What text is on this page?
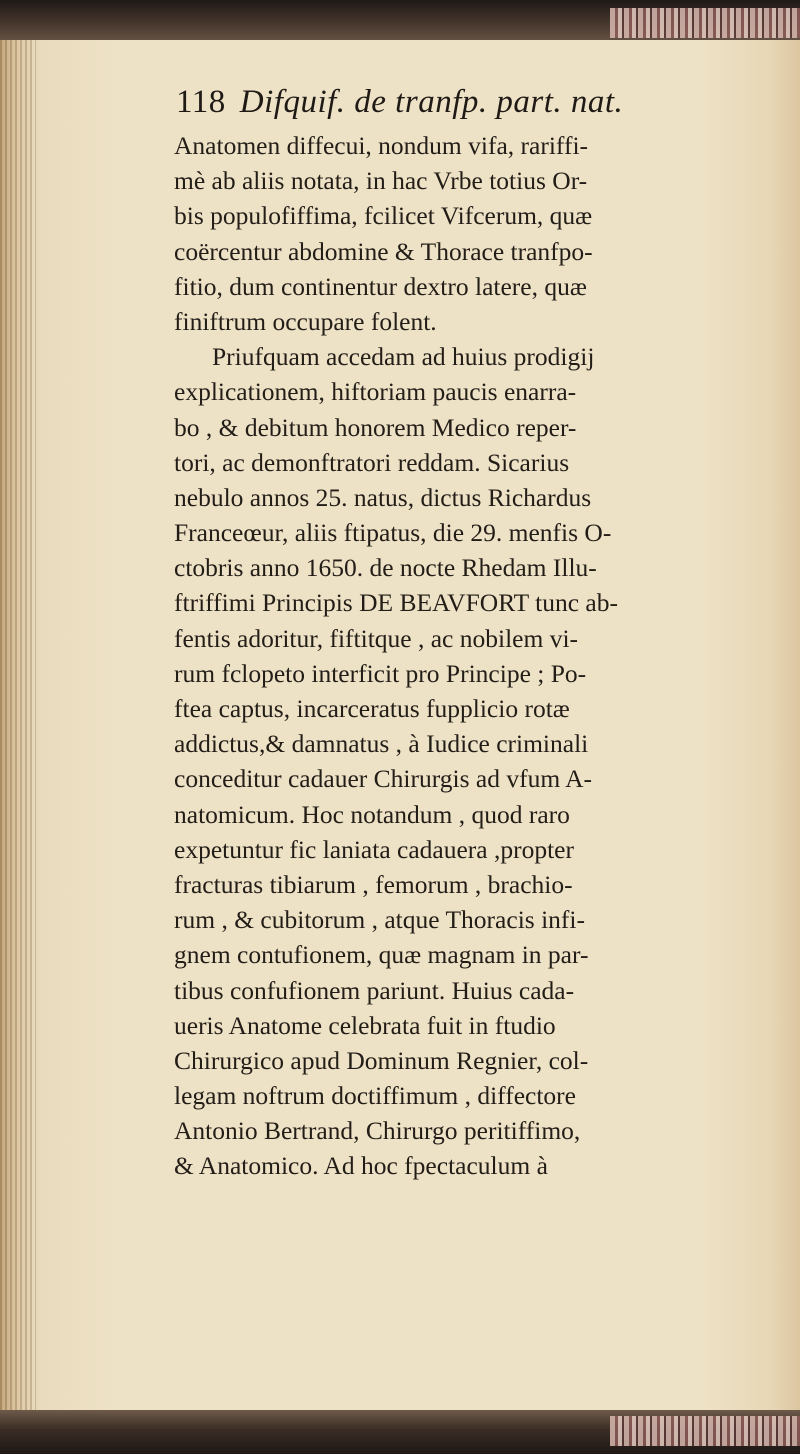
118 Difquif. de tranfp. part. nat.
Anatomen diffecui, nondum vifa, rariffi-
mè ab aliis notata, in hac Vrbe totius Or-
bis populofiffima, fcilicet Vifcerum, quæ
coërcentur abdomine & Thorace tranfpo-
fitio, dum continentur dextro latere, quæ
finiftrum occupare folent.
Priufquam accedam ad huius prodigij
explicationem, hiftoriam paucis enarra-
bo , & debitum honorem Medico reper-
tori, ac demonftratori reddam. Sicarius
nebulo annos 25. natus, dictus Richardus
Franceœur, aliis ftipatus, die 29. menfis O-
ctobris anno 1650. de nocte Rhedam Illu-
ftriffimi Principis DE BEAVFORT tunc ab-
fentis adoritur, fiftitque , ac nobilem vi-
rum fclopeto interficit pro Principe ; Po-
ftea captus, incarceratus fupplicio rotæ
addictus,& damnatus , à Iudice criminali
conceditur cadauer Chirurgis ad vfum A-
natomicum. Hoc notandum , quod raro
expetuntur fic laniata cadauera ,propter
fracturas tibiarum , femorum , brachio-
rum , & cubitorum , atque Thoracis infi-
gnem contufionem, quæ magnam in par-
tibus confufionem pariunt. Huius cada-
ueris Anatome celebrata fuit in ftudio
Chirurgico apud Dominum Regnier, col-
legam noftrum doctiffimum , diffectore
Antonio Bertrand, Chirurgo peritiffimo,
& Anatomico. Ad hoc fpectaculum à
